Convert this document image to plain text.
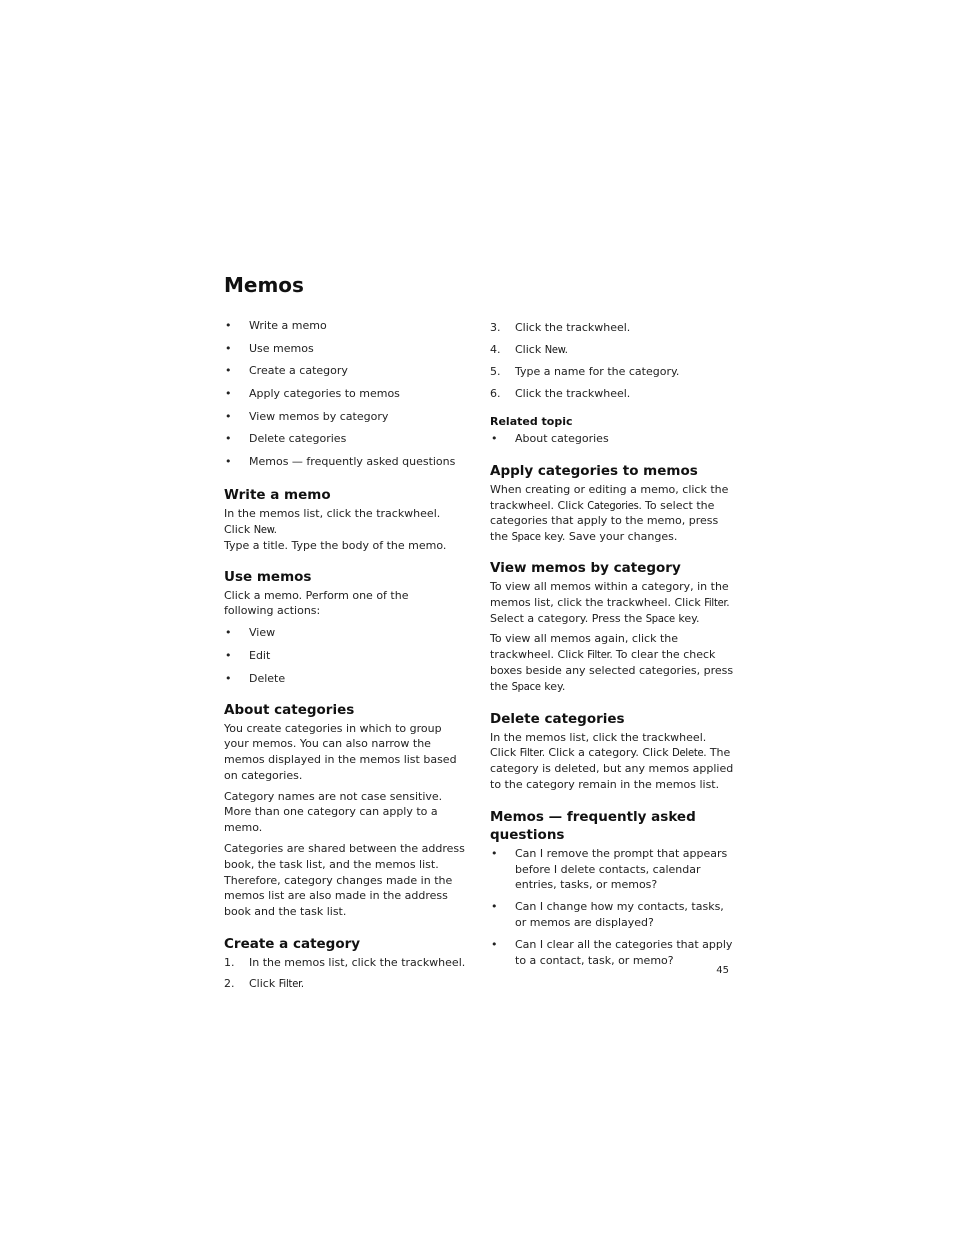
Memos
• Write a memo
• Use memos
• Create a category
• Apply categories to memos
• View memos by category
• Delete categories
• Memos — frequently asked questions
Write a memo

In the memos list, click the trackwheel. Click New.
Type a title. Type the body of the memo.

Use memos

Click a memo. Perform one of the following actions:

• View
• Edit
• Delete
About categories

You create categories in which to group your memos. You can also narrow the memos displayed in the memos list based on categories.

Category names are not case sensitive. More than one category can apply to a memo.

Categories are shared between the address book, the task list, and the memos list. Therefore, category changes made in the memos list are also made in the address book and the task list.

Create a category
1. In the memos list, click the trackwheel.
2. Click Filter.
3. Click the trackwheel.
4. Click New.
5. Type a name for the category.
6. Click the trackwheel.
Related topic
• About categories
Apply categories to memos

When creating or editing a memo, click the trackwheel. Click Categories. To select the categories that apply to the memo, press the Space key. Save your changes.

View memos by category

To view all memos within a category, in the memos list, click the trackwheel. Click Filter. Select a category. Press the Space key.

To view all memos again, click the trackwheel. Click Filter. To clear the check boxes beside any selected categories, press the Space key.

Delete categories

In the memos list, click the trackwheel. Click Filter. Click a category. Click Delete. The category is deleted, but any memos applied to the category remain in the memos list.

Memos — frequently asked questions
• Can I remove the prompt that appears before I delete contacts, calendar entries, tasks, or memos?
• Can I change how my contacts, tasks, or memos are displayed?
• Can I clear all the categories that apply to a contact, task, or memo?
45
